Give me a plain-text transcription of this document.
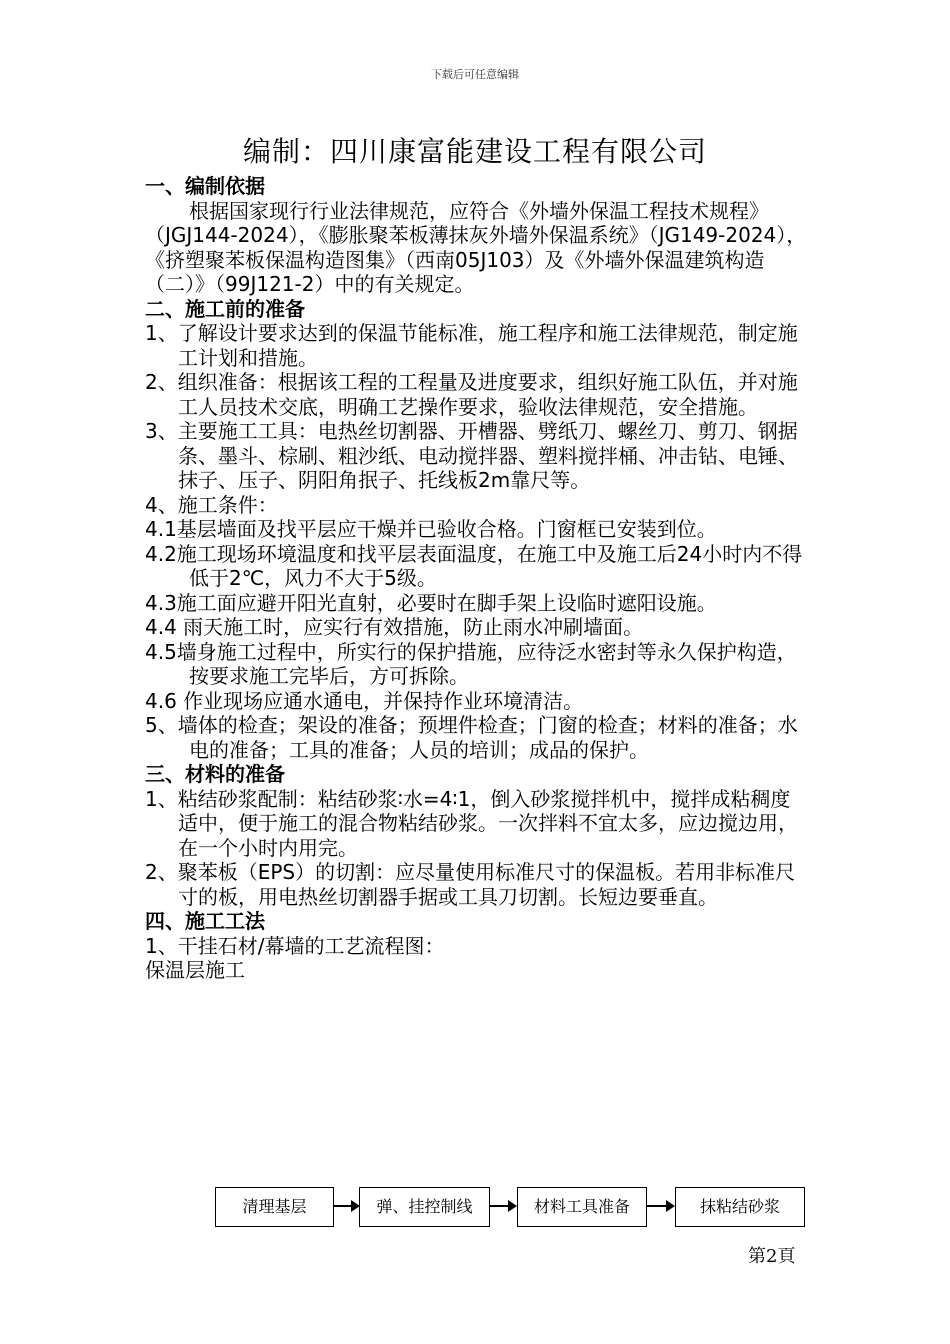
下载后可任意编辑
编制：四川康富能建设工程有限公司

一、编制依据

根据国家现行行业法律规范，应符合《外墙外保温工程技术规程》（JGJ144-2024），《膨胀聚苯板薄抹灰外墙外保温系统》（JG149-2024），《挤塑聚苯板保温构造图集》（西南05J103）及《外墙外保温建筑构造（二）》（99J121-2）中的有关规定。

二、施工前的准备

1、了解设计要求达到的保温节能标准，施工程序和施工法律规范，制定施工计划和措施。

2、组织准备：根据该工程的工程量及进度要求，组织好施工队伍，并对施工人员技术交底，明确工艺操作要求，验收法律规范，安全措施。

3、主要施工工具：电热丝切割器、开槽器、劈纸刀、螺丝刀、剪刀、钢据条、墨斗、棕刷、粗沙纸、电动搅拌器、塑料搅拌桶、冲击钻、电锤、抹子、压子、阴阳角抿子、托线板2m靠尺等。

4、施工条件：

4.1基层墙面及找平层应干燥并已验收合格。门窗框已安装到位。

4.2施工现场环境温度和找平层表面温度，在施工中及施工后24小时内不得低于2℃，风力不大于5级。

4.3施工面应避开阳光直射，必要时在脚手架上设临时遮阳设施。

4.4 雨天施工时，应实行有效措施，防止雨水冲刷墙面。

4.5墙身施工过程中，所实行的保护措施，应待泛水密封等永久保护构造，按要求施工完毕后，方可拆除。

4.6 作业现场应通水通电，并保持作业环境清洁。

5、墙体的检查；架设的准备；预埋件检查；门窗的检查；材料的准备；水电的准备；工具的准备；人员的培训；成品的保护。

三、材料的准备

1、粘结砂浆配制：粘结砂浆∶水=4∶1，倒入砂浆搅拌机中，搅拌成粘稠度适中，便于施工的混合物粘结砂浆。一次拌料不宜太多，应边搅边用，在一个小时内用完。

2、聚苯板（EPS）的切割：应尽量使用标准尺寸的保温板。若用非标准尺寸的板，用电热丝切割器手据或工具刀切割。长短边要垂直。

四、施工工法

1、干挂石材/幕墙的工艺流程图：

保温层施工

清理基层	弹、挂控制线	材料工具准备	抹粘结砂浆
第2頁
